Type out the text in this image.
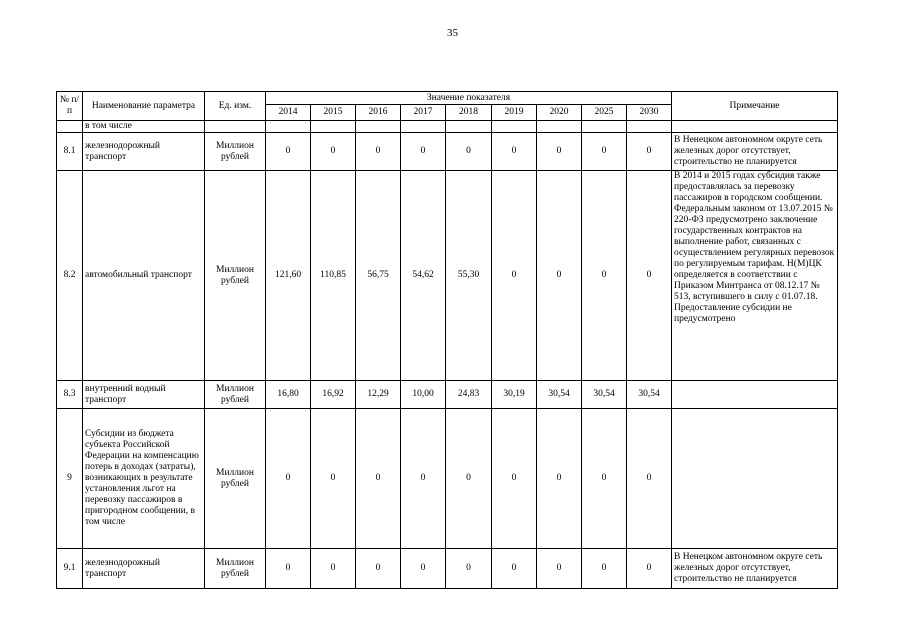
35
№ п/п	Наименование параметра	Ед. изм.	Значение показателя									Примечание
			2014	2015	2016	2017	2018	2019	2020	2025	2030	
	в том числе											
8.1	железнодорожный транспорт	Миллион рублей	0	0	0	0	0	0	0	0	0	В Ненецком автономном округе сеть железных дорог отсутствует, строительство не планируется
8.2	автомобильный транспорт	Миллион рублей	121,60	110,85	56,75	54,62	55,30	0	0	0	0	В 2014 и 2015 годах субсидия также предоставлялась за перевозку пассажиров в городском сообщении. Федеральным законом от 13.07.2015 № 220-ФЗ предусмотрено заключение государственных контрактов на выполнение работ, связанных с осуществлением регулярных перевозок по регулируемым тарифам. Н(М)ЦК определяется в соответствии с Приказом Минтранса от 08.12.17 № 513, вступившего в силу с 01.07.18. Предоставление субсидии не предусмотрено
8.3	внутренний водный транспорт	Миллион рублей	16,80	16,92	12,29	10,00	24,83	30,19	30,54	30,54	30,54	
9	Субсидии из бюджета субъекта Российской Федерации на компенсацию потерь в доходах (затраты), возникающих в результате установления льгот на перевозку пассажиров в пригородном сообщении, в том числе	Миллион рублей	0	0	0	0	0	0	0	0	0	
9.1	железнодорожный транспорт	Миллион рублей	0	0	0	0	0	0	0	0	0	В Ненецком автономном округе сеть железных дорог отсутствует, строительство не планируется
